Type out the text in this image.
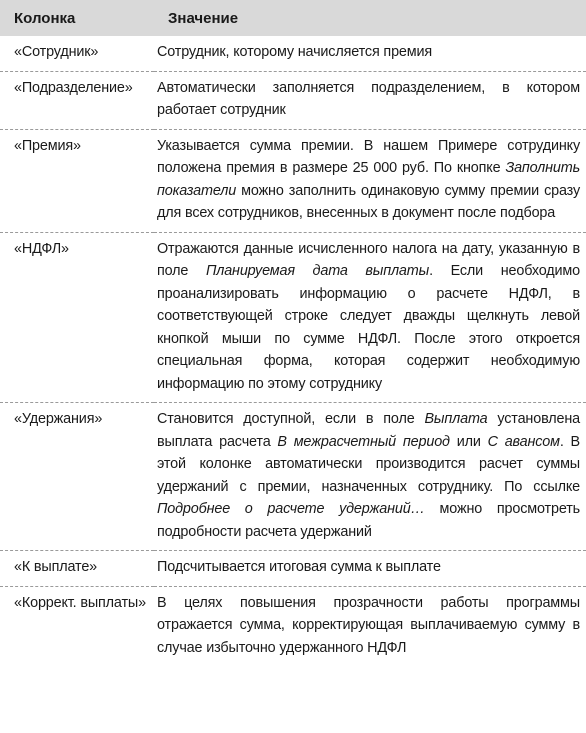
Колонка	Значение
«Сотрудник»	Сотрудник, которому начисляется премия
«Подразделение»	Автоматически заполняется подразделением, в котором работает сотрудник
«Премия»	Указывается сумма премии. В нашем Примере сотрудинку положена премия в размере 25 000 руб. По кнопке Заполнить показатели можно заполнить одинаковую сумму премии сразу для всех сотрудников, внесенных в документ после подбора
«НДФЛ»	Отражаются данные исчисленного налога на дату, указанную в поле Планируемая дата выплаты. Если необходимо проанализировать информацию о расчете НДФЛ, в соответствующей строке следует дважды щелкнуть левой кнопкой мыши по сумме НДФЛ. После этого откроется специальная форма, которая содержит необходимую информацию по этому сотруднику
«Удержания»	Становится доступной, если в поле Выплата установлена выплата расчета В межрасчетный период или С авансом. В этой колонке автоматически производится расчет суммы удержаний с премии, назначенных сотруднику. По ссылке Подробнее о расчете удержаний… можно просмотреть подробности расчета удержаний
«К выплате»	Подсчитывается итоговая сумма к выплате
«Коррект. выплаты»	В целях повышения прозрачности работы программы отражается сумма, корректирующая выплачиваемую сумму в случае избыточно удержанного НДФЛ
